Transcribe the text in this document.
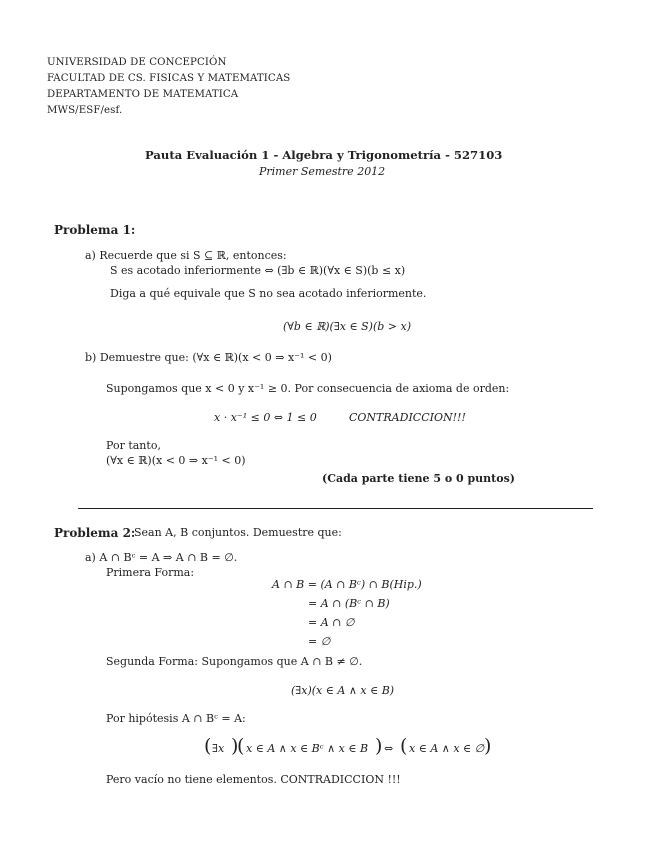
UNIVERSIDAD DE CONCEPCIÓN
FACULTAD DE CS. FISICAS Y MATEMATICAS
DEPARTAMENTO DE MATEMATICA
MWS/ESF/esf.
Pauta Evaluación 1 - Algebra y Trigonometría - 527103
Primer Semestre 2012
Problema 1:
a) Recuerde que si S ⊆ ℝ, entonces:
S es acotado inferiormente ⇔ (∃b ∈ ℝ)(∀x ∈ S)(b ≤ x)
Diga a qué equivale que S no sea acotado inferiormente.
(∀b ∈ ℝ)(∃x ∈ S)(b > x)
b) Demuestre que: (∀x ∈ ℝ)(x < 0 ⇒ x⁻¹ < 0)
Supongamos que x < 0 y x⁻¹ ≥ 0. Por consecuencia de axioma de orden:
x · x⁻¹ ≤ 0 ⇔ 1 ≤ 0	CONTRADICCION!!!
Por tanto,
(∀x ∈ ℝ)(x < 0 ⇒ x⁻¹ < 0)
(Cada parte tiene 5 o 0 puntos)
Problema 2:
Sean A, B conjuntos. Demuestre que:
a) A ∩ Bᶜ = A ⇒ A ∩ B = ∅.
Primera Forma:
A ∩ B = (A ∩ Bᶜ) ∩ B(Hip.)
= A ∩ (Bᶜ ∩ B)
= A ∩ ∅
= ∅
Segunda Forma: Supongamos que A ∩ B ≠ ∅.
(∃x)(x ∈ A ∧ x ∈ B)
Por hipótesis A ∩ Bᶜ = A:
( ∃x )
( x ∈ A ∧ x ∈ Bᶜ ∧ x ∈ B ) ⇔ ( x ∈ A ∧ x ∈ ∅ )
Pero vacío no tiene elementos. CONTRADICCION !!!
